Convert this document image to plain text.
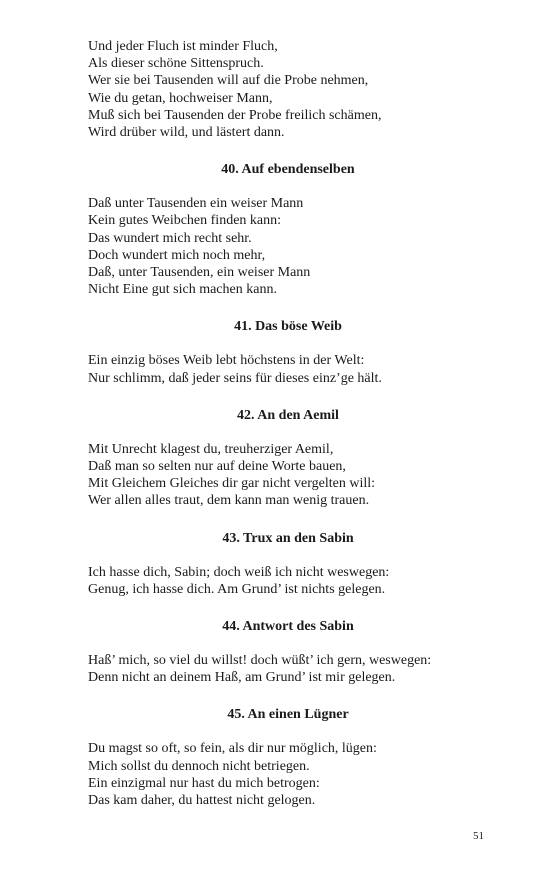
Und jeder Fluch ist minder Fluch,
Als dieser schöne Sittenspruch.
Wer sie bei Tausenden will auf die Probe nehmen,
Wie du getan, hochweiser Mann,
Muß sich bei Tausenden der Probe freilich schämen,
Wird drüber wild, und lästert dann.
40. Auf ebendenselben
Daß unter Tausenden ein weiser Mann
Kein gutes Weibchen finden kann:
Das wundert mich recht sehr.
Doch wundert mich noch mehr,
Daß, unter Tausenden, ein weiser Mann
Nicht Eine gut sich machen kann.
41. Das böse Weib
Ein einzig böses Weib lebt höchstens in der Welt:
Nur schlimm, daß jeder seins für dieses einz’ge hält.
42. An den Aemil
Mit Unrecht klagest du, treuherziger Aemil,
Daß man so selten nur auf deine Worte bauen,
Mit Gleichem Gleiches dir gar nicht vergelten will:
Wer allen alles traut, dem kann man wenig trauen.
43. Trux an den Sabin
Ich hasse dich, Sabin; doch weiß ich nicht weswegen:
Genug, ich hasse dich. Am Grund’ ist nichts gelegen.
44. Antwort des Sabin
Haß’ mich, so viel du willst! doch wüßt’ ich gern, weswegen:
Denn nicht an deinem Haß, am Grund’ ist mir gelegen.
45. An einen Lügner
Du magst so oft, so fein, als dir nur möglich, lügen:
Mich sollst du dennoch nicht betriegen.
Ein einzigmal nur hast du mich betrogen:
Das kam daher, du hattest nicht gelogen.
51
